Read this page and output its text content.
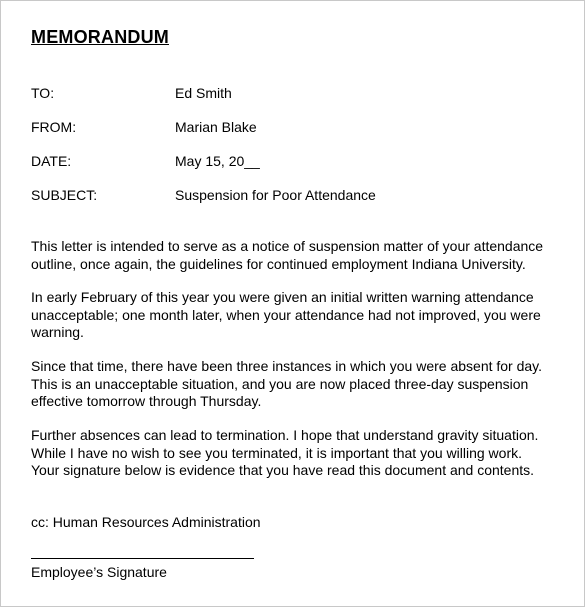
MEMORANDUM
TO:	Ed Smith
FROM:	Marian Blake
DATE:	May 15, 20__
SUBJECT:	Suspension for Poor Attendance
This letter is intended to serve as a notice of suspension matter of your attendance
outline, once again, the guidelines for continued employment Indiana University.
In early February of this year you were given an initial written warning attendance
unacceptable; one month later, when your attendance had not improved, you were
warning.
Since that time, there have been three instances in which you were absent for day.
This is an unacceptable situation, and you are now placed three-day suspension
effective tomorrow through Thursday.
Further absences can lead to termination. I hope that understand gravity situation.
While I have no wish to see you terminated, it is important that you willing work.
Your signature below is evidence that you have read this document and contents.
cc: Human Resources Administration
Employee’s Signature
